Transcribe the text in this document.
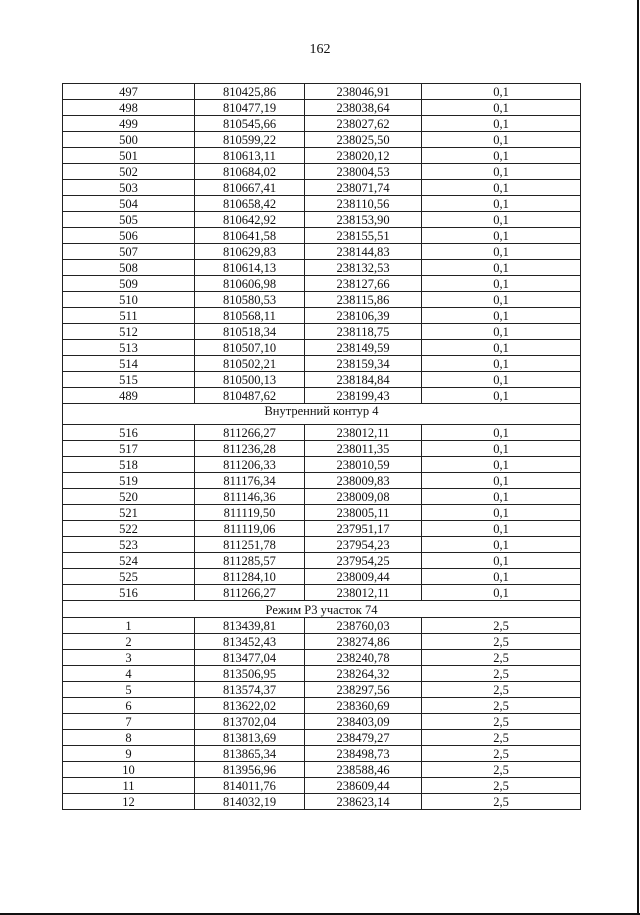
162
497	810425,86	238046,91	0,1
498	810477,19	238038,64	0,1
499	810545,66	238027,62	0,1
500	810599,22	238025,50	0,1
501	810613,11	238020,12	0,1
502	810684,02	238004,53	0,1
503	810667,41	238071,74	0,1
504	810658,42	238110,56	0,1
505	810642,92	238153,90	0,1
506	810641,58	238155,51	0,1
507	810629,83	238144,83	0,1
508	810614,13	238132,53	0,1
509	810606,98	238127,66	0,1
510	810580,53	238115,86	0,1
511	810568,11	238106,39	0,1
512	810518,34	238118,75	0,1
513	810507,10	238149,59	0,1
514	810502,21	238159,34	0,1
515	810500,13	238184,84	0,1
489	810487,62	238199,43	0,1
Внутренний контур 4			
516	811266,27	238012,11	0,1
517	811236,28	238011,35	0,1
518	811206,33	238010,59	0,1
519	811176,34	238009,83	0,1
520	811146,36	238009,08	0,1
521	811119,50	238005,11	0,1
522	811119,06	237951,17	0,1
523	811251,78	237954,23	0,1
524	811285,57	237954,25	0,1
525	811284,10	238009,44	0,1
516	811266,27	238012,11	0,1
Режим Р3 участок 74			
1	813439,81	238760,03	2,5
2	813452,43	238274,86	2,5
3	813477,04	238240,78	2,5
4	813506,95	238264,32	2,5
5	813574,37	238297,56	2,5
6	813622,02	238360,69	2,5
7	813702,04	238403,09	2,5
8	813813,69	238479,27	2,5
9	813865,34	238498,73	2,5
10	813956,96	238588,46	2,5
11	814011,76	238609,44	2,5
12	814032,19	238623,14	2,5
